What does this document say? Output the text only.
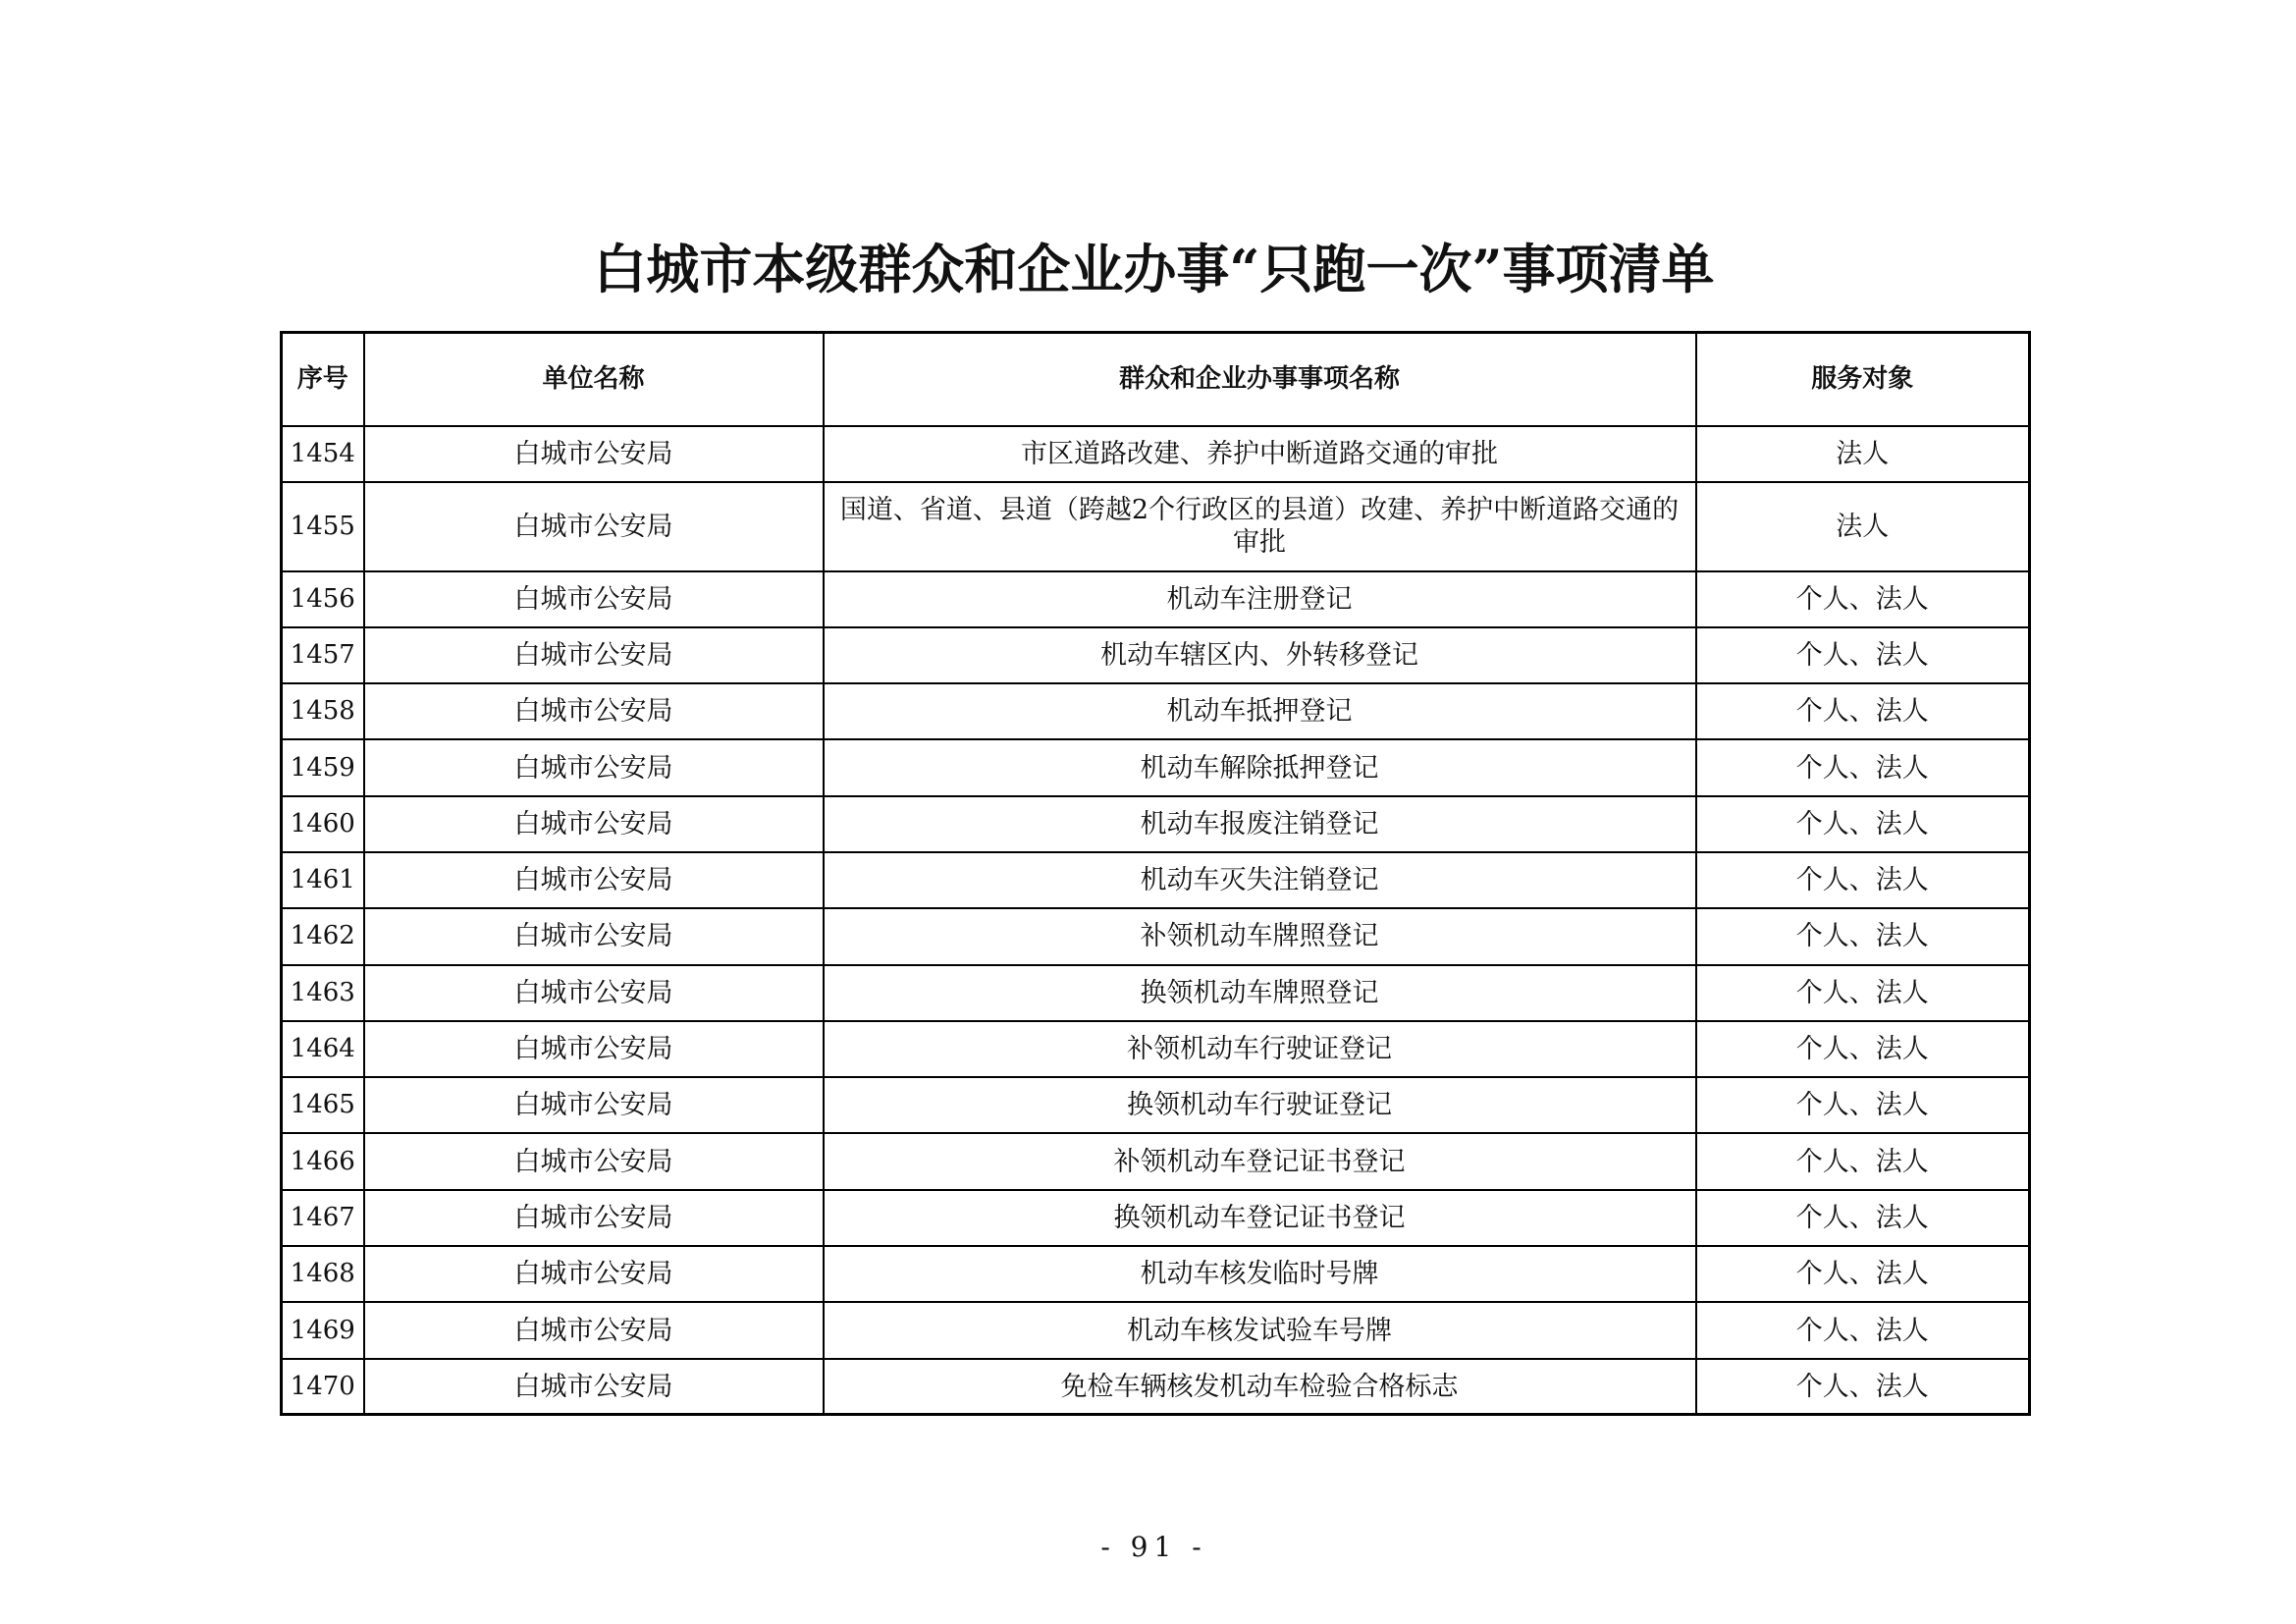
白城市本级群众和企业办事“只跑一次”事项清单
序号	单位名称	群众和企业办事事项名称	服务对象
1454	白城市公安局	市区道路改建、养护中断道路交通的审批	法人
1455	白城市公安局	国道、省道、县道（跨越2个行政区的县道）改建、养护中断道路交通的审批	法人
1456	白城市公安局	机动车注册登记	个人、法人
1457	白城市公安局	机动车辖区内、外转移登记	个人、法人
1458	白城市公安局	机动车抵押登记	个人、法人
1459	白城市公安局	机动车解除抵押登记	个人、法人
1460	白城市公安局	机动车报废注销登记	个人、法人
1461	白城市公安局	机动车灭失注销登记	个人、法人
1462	白城市公安局	补领机动车牌照登记	个人、法人
1463	白城市公安局	换领机动车牌照登记	个人、法人
1464	白城市公安局	补领机动车行驶证登记	个人、法人
1465	白城市公安局	换领机动车行驶证登记	个人、法人
1466	白城市公安局	补领机动车登记证书登记	个人、法人
1467	白城市公安局	换领机动车登记证书登记	个人、法人
1468	白城市公安局	机动车核发临时号牌	个人、法人
1469	白城市公安局	机动车核发试验车号牌	个人、法人
1470	白城市公安局	免检车辆核发机动车检验合格标志	个人、法人
- 91 -
